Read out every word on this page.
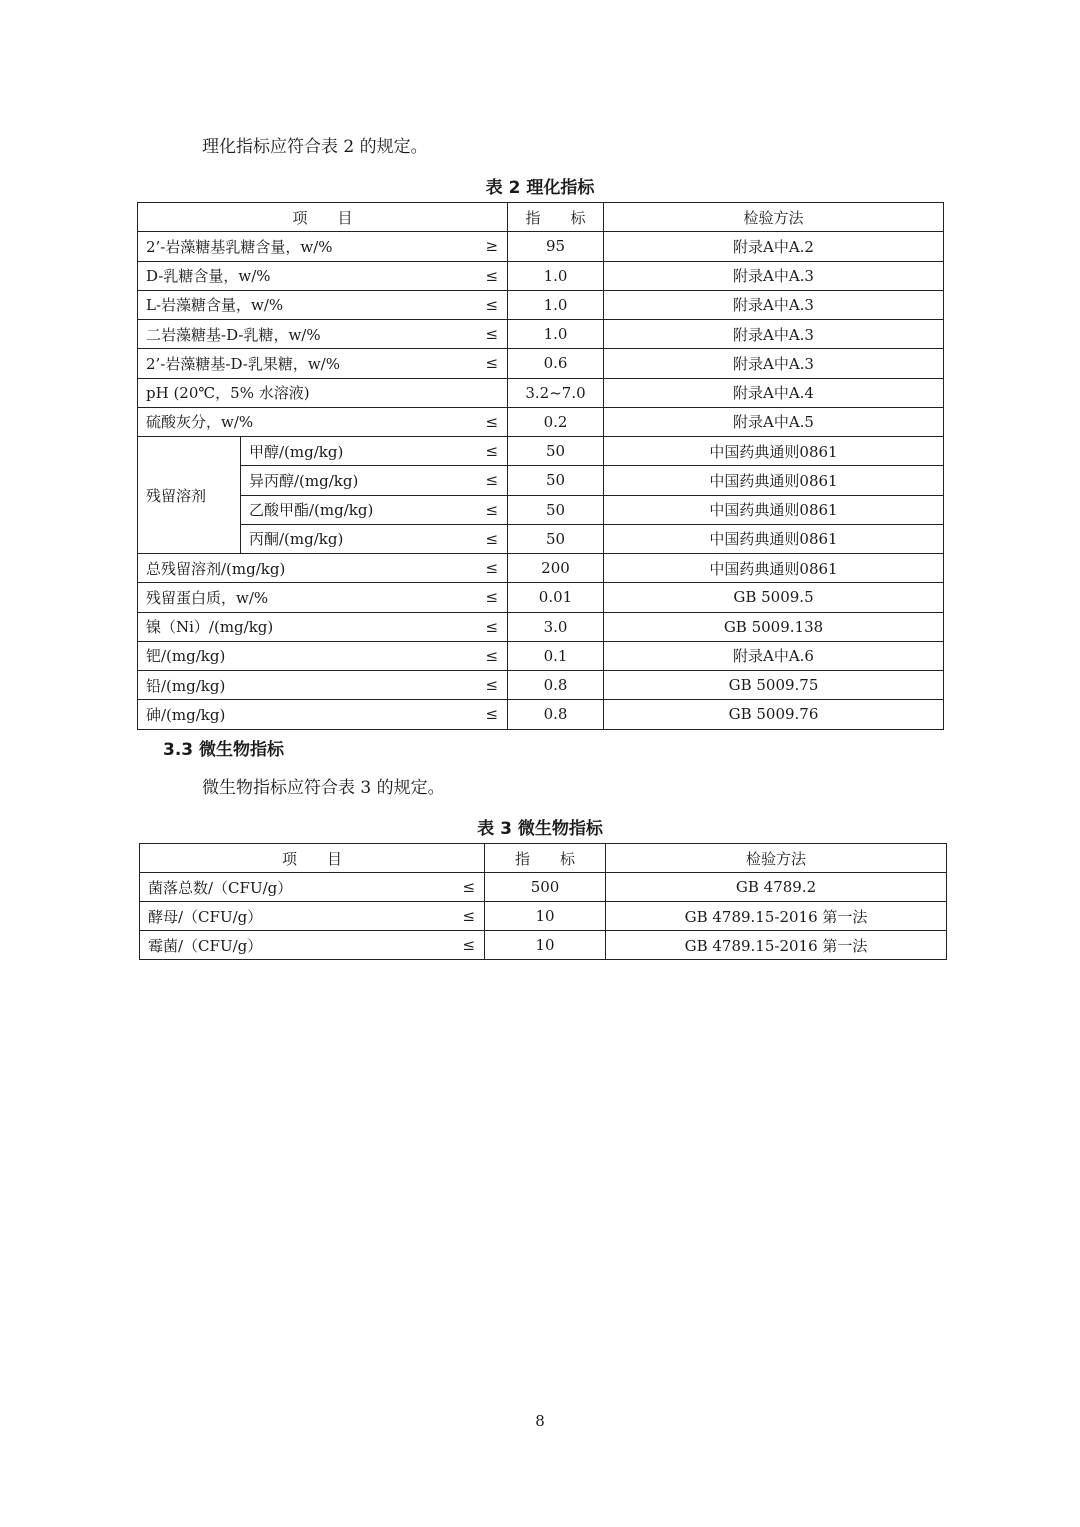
理化指标应符合表 2 的规定。
表 2 理化指标
项　　目			指　　标	检验方法
2’-岩藻糖基乳糖含量，w/%		≥	95	附录A中A.2
D-乳糖含量，w/%		≤	1.0	附录A中A.3
L-岩藻糖含量，w/%		≤	1.0	附录A中A.3
二岩藻糖基-D-乳糖，w/%		≤	1.0	附录A中A.3
2’-岩藻糖基-D-乳果糖，w/%		≤	0.6	附录A中A.3
pH (20℃，5% 水溶液)			3.2~7.0	附录A中A.4
硫酸灰分，w/%		≤	0.2	附录A中A.5
残留溶剂	甲醇/(mg/kg)	≤	50	中国药典通则0861
	异丙醇/(mg/kg)	≤	50	中国药典通则0861
	乙酸甲酯/(mg/kg)	≤	50	中国药典通则0861
	丙酮/(mg/kg)	≤	50	中国药典通则0861
总残留溶剂/(mg/kg)		≤	200	中国药典通则0861
残留蛋白质，w/%		≤	0.01	GB 5009.5
镍（Ni）/(mg/kg)		≤	3.0	GB 5009.138
钯/(mg/kg)		≤	0.1	附录A中A.6
铅/(mg/kg)		≤	0.8	GB 5009.75
砷/(mg/kg)		≤	0.8	GB 5009.76
3.3 微生物指标
微生物指标应符合表 3 的规定。
表 3 微生物指标
项　　目		指　　标	检验方法
菌落总数/（CFU/g）	≤	500	GB 4789.2
酵母/（CFU/g）	≤	10	GB 4789.15-2016 第一法
霉菌/（CFU/g）	≤	10	GB 4789.15-2016 第一法
8
